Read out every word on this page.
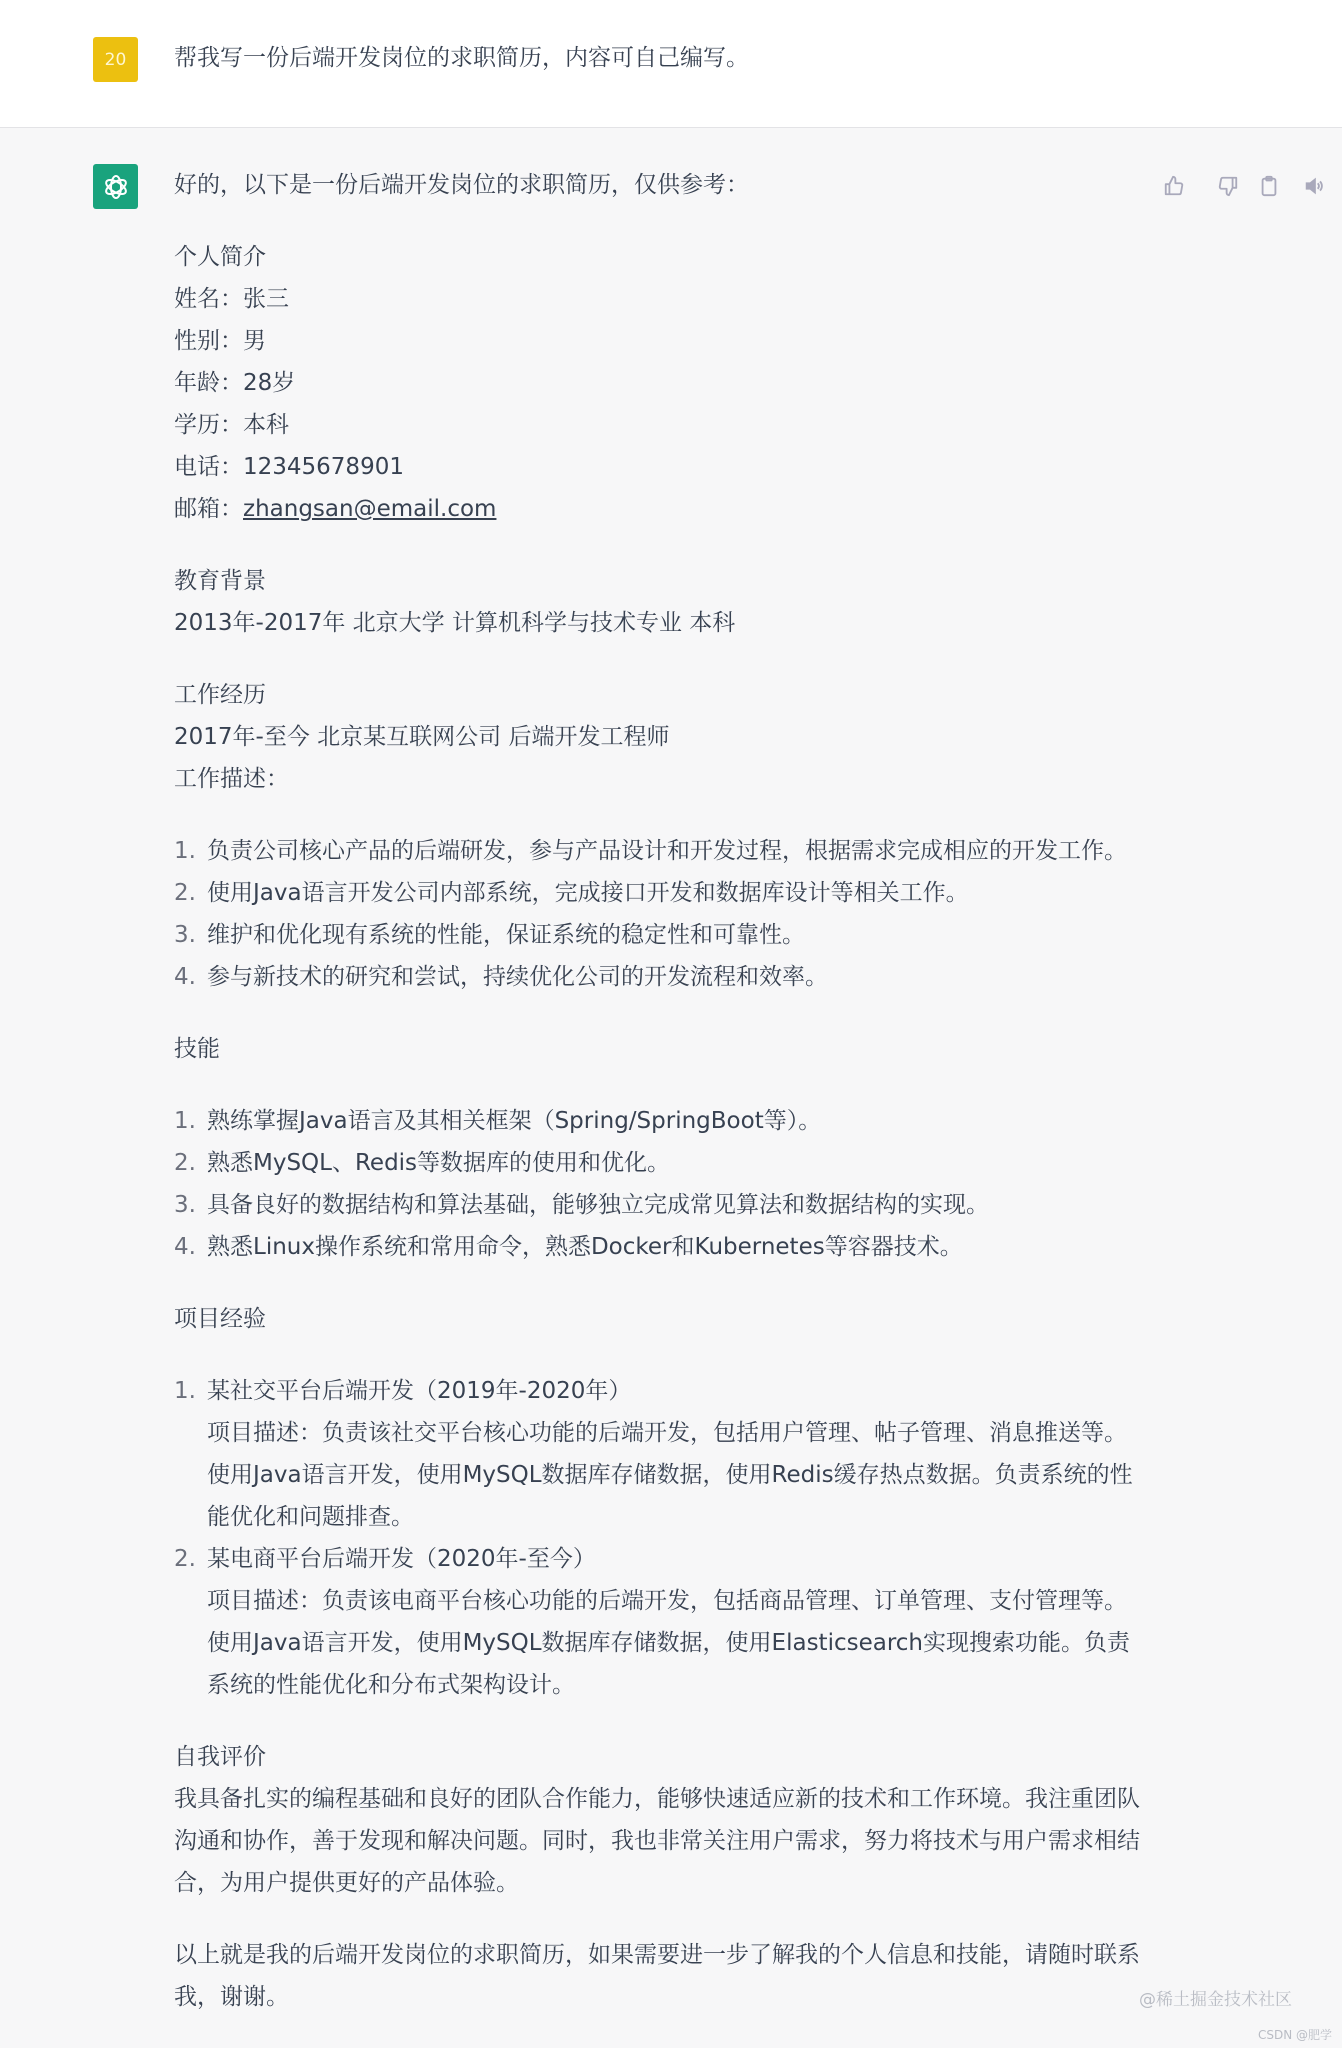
20 帮我写一份后端开发岗位的求职简历，内容可自己编写。

好的，以下是一份后端开发岗位的求职简历，仅供参考：

个人简介

姓名：张三

性别：男

年龄：28岁

学历：本科

电话：12345678901

邮箱：zhangsan@email.com

教育背景

2013年-2017年 北京大学 计算机科学与技术专业 本科

工作经历

2017年-至今 北京某互联网公司 后端开发工程师

工作描述：

1. 负责公司核心产品的后端研发，参与产品设计和开发过程，根据需求完成相应的开发工作。
2. 使用Java语言开发公司内部系统，完成接口开发和数据库设计等相关工作。
3. 维护和优化现有系统的性能，保证系统的稳定性和可靠性。
4. 参与新技术的研究和尝试，持续优化公司的开发流程和效率。

技能

1. 熟练掌握Java语言及其相关框架（Spring/SpringBoot等）。
2. 熟悉MySQL、Redis等数据库的使用和优化。
3. 具备良好的数据结构和算法基础，能够独立完成常见算法和数据结构的实现。
4. 熟悉Linux操作系统和常用命令，熟悉Docker和Kubernetes等容器技术。

项目经验

1. 某社交平台后端开发（2019年-2020年）
项目描述：负责该社交平台核心功能的后端开发，包括用户管理、帖子管理、消息推送等。使用Java语言开发，使用MySQL数据库存储数据，使用Redis缓存热点数据。负责系统的性能优化和问题排查。
2. 某电商平台后端开发（2020年-至今）
项目描述：负责该电商平台核心功能的后端开发，包括商品管理、订单管理、支付管理等。使用Java语言开发，使用MySQL数据库存储数据，使用Elasticsearch实现搜索功能。负责系统的性能优化和分布式架构设计。

自我评价

我具备扎实的编程基础和良好的团队合作能力，能够快速适应新的技术和工作环境。我注重团队沟通和协作，善于发现和解决问题。同时，我也非常关注用户需求，努力将技术与用户需求相结合，为用户提供更好的产品体验。

以上就是我的后端开发岗位的求职简历，如果需要进一步了解我的个人信息和技能，请随时联系我，谢谢。	@稀土掘金技术社区
CSDN @肥学
